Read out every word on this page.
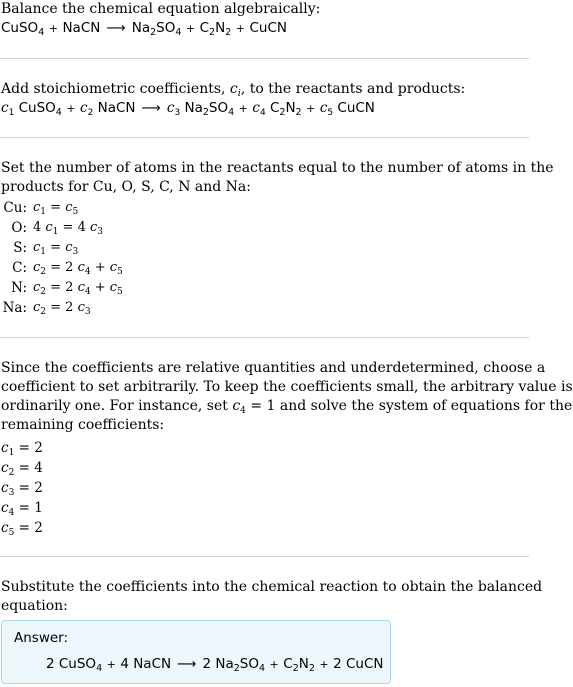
Balance the chemical equation algebraically:
CuSO$_4$ + NaCN ⟶ $Na_2SO_4 + C_2N_2$ + CuCN
Add stoichiometric coefficients, $c_i$, to the reactants and products:
$c_1$ CuSO$_4$ + $c_2$ NaCN ⟶ $c_3$ $Na_2SO_4 + c_4$ $C_2N_2 + c_5$ CuCN
Set the number of atoms in the reactants equal to the number of atoms in the
products for Cu, O, S, C, N and Na:
Cu: $c_1 = c_5$
O: 4 $c_1 = 4$ $c_3$
S: $c_1 = c_3$
C: $c_2 = 2$ $c_4 + c_5$
N: $c_2 = 2$ $c_4 + c_5$
Na: $c_2 = 2$ $c_3$
Since the coefficients are relative quantities and underdetermined, choose a
coefficient to set arbitrarily. To keep the coefficients small, the arbitrary value is
ordinarily one. For instance, set $c_4 = 1$ and solve the system of equations for the
remaining coefficients:
$c_1 = 2$
$c_2 = 4$
$c_3 = 2$
$c_4 = 1$
$c_5 = 2$
Substitute the coefficients into the chemical reaction to obtain the balanced
equation:
Answer:
2 CuSO$_4$ + 4 NaCN ⟶ 2 $Na_2SO_4 + C_2N_2 + 2$ CuCN
